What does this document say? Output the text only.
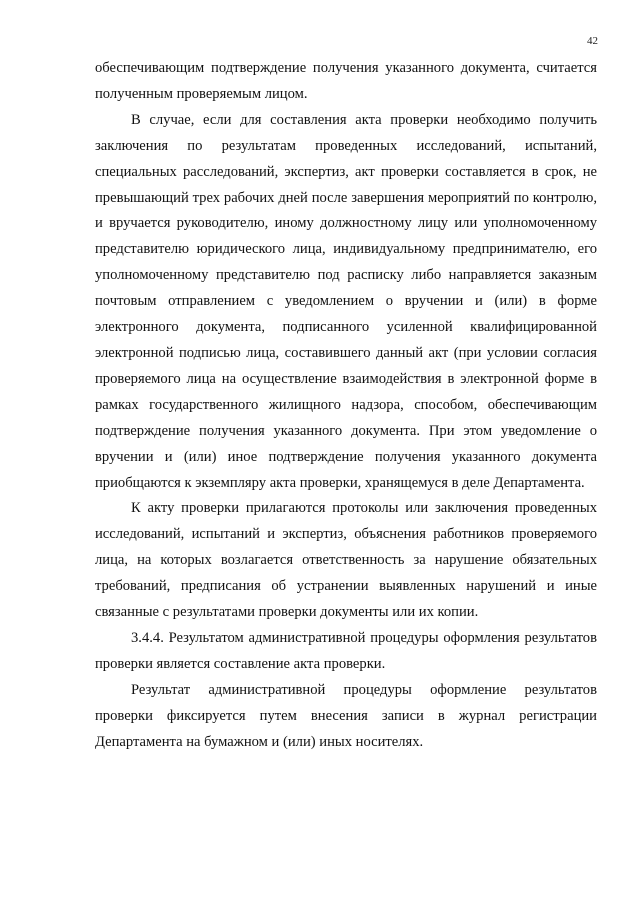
42

обеспечивающим подтверждение получения указанного документа, считается полученным проверяемым лицом.

В случае, если для составления акта проверки необходимо получить заключения по результатам проведенных исследований, испытаний, специальных расследований, экспертиз, акт проверки составляется в срок, не превышающий трех рабочих дней после завершения мероприятий по контролю, и вручается руководителю, иному должностному лицу или уполномоченному представителю юридического лица, индивидуальному предпринимателю, его уполномоченному представителю под расписку либо направляется заказным почтовым отправлением с уведомлением о вручении и (или) в форме электронного документа, подписанного усиленной квалифицированной электронной подписью лица, составившего данный акт (при условии согласия проверяемого лица на осуществление взаимодействия в электронной форме в рамках государственного жилищного надзора, способом, обеспечивающим подтверждение получения указанного документа. При этом уведомление о вручении и (или) иное подтверждение получения указанного документа приобщаются к экземпляру акта проверки, хранящемуся в деле Департамента.

К акту проверки прилагаются протоколы или заключения проведенных исследований, испытаний и экспертиз, объяснения работников проверяемого лица, на которых возлагается ответственность за нарушение обязательных требований, предписания об устранении выявленных нарушений и иные связанные с результатами проверки документы или их копии.

3.4.4. Результатом административной процедуры оформления результатов проверки является составление акта проверки.

Результат административной процедуры оформление результатов проверки фиксируется путем внесения записи в журнал регистрации Департамента на бумажном и (или) иных носителях.
